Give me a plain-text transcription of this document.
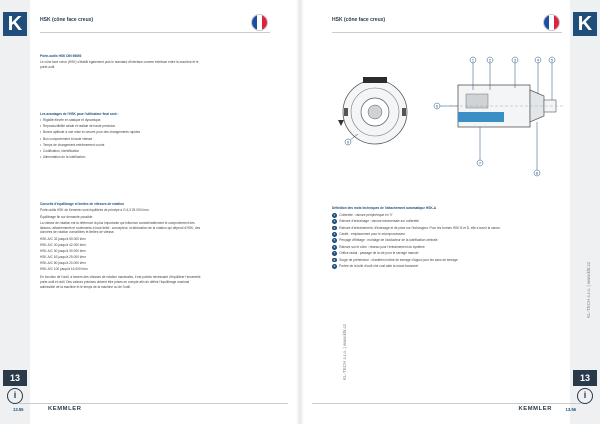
K
13
i
HSK (cône face creux)
Porte-outils HSK DIN 69893

Le cône face creux (HSK) s'établit également puis le standard d'interface comme interface entre la machine et le porte-outil.

Les avantages de l'HSK pour l'utilisateur final sont :
• Rigidité élevée en statique et dynamique.
• Reproductibilité axiale et radiale de haute précision.
• Bonne aptitude à une mise en œuvre pour des changements rapides
• Bon comportement à haute vitesse
• Temps de changement extrêmement courts
• Codification, identification
• Alimentation de la lubrification
Conseils d'équilibrage et limites de vitesses de rotation

Porte-outils HSK de Kemmler sont équilibrés de principe à G 6,3 25.000 t/mn.

Équilibrage fin sur demande possible.

La vitesse de rotation est la référence la plus importante qui influence considérablement le comportement des liaisons, attachements et roulements à haut débit : concepteur, la fabrication de la rotation qui dépend d'HSK, des données de rotation conseillées et limites de vitesse.

HSK-A/C 32 jusqu'à 50.000 t/mn
HSK-A/C 40 jusqu'à 42.000 t/mn
HSK-A/C 50 jusqu'à 30.000 t/mn
HSK-A/C 63 jusqu'à 25.000 t/mn
HSK-A/C 80 jusqu'à 20.000 t/mn
HSK-A/C 100 jusqu'à 16.000 t/mn

En fonction de l'outil, à travers des vitesses de rotation maximales, il est parfois nécessaire d'équilibrer l'ensemble porte-outil et outil. Des valeurs précises doivent être prises en compte afin de définir l'équilibrage maximal admissible de la machine et le temps de la machine ou de l'outil.

13.55	KEMMLER
K
13
i
HSK (cône face creux)
1	2	3	4	5
6
7
8
9
Définition des mots techniques de l'attachement automatique HSK-A
1	Collerette : rainure périphérique en 'V'
2	Rainure d'entraînage : rainure transversale sur collerette
3	Rainure d'entraînement, d'indexage et de prise sur l'échangeur. Pour les formes HSK B et D, elle s'ouvrir la vanne.
4	Cavité : emplacement pour le microprocesseur
5	Perçage d'filetage : montage de l'adducteur de la lubrification centrale
6	Rainure sur le cône : réseau pour l'entraînement du système
7	Orifice radial : passage de la clé pour le serrage manuel
8	Surge de préhension : chanfrein incliné de serrage d'appui pour les sans de serrage
9	Portée de la tuile d'outil ché cost aide la moud transivret
13.56
KEMMLER
KL-TECH s.r.o. | www.kltr.cz
KL-TECH s.r.o. | www.kltr.cz
